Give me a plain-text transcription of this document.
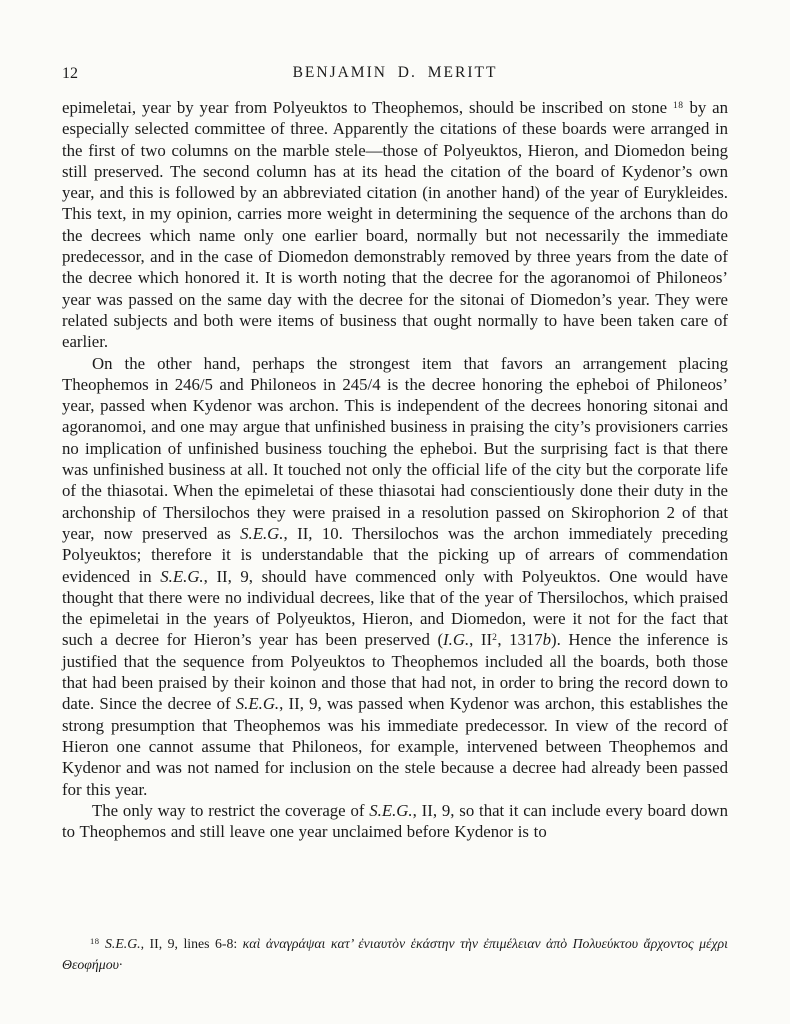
12	BENJAMIN D. MERITT

epimeletai, year by year from Polyeuktos to Theophemos, should be inscribed on stone $^{18}$ by an especially selected committee of three. Apparently the citations of these boards were arranged in the first of two columns on the marble stele—those of Polyeuktos, Hieron, and Diomedon being still preserved. The second column has at its head the citation of the board of Kydenor’s own year, and this is followed by an abbreviated citation (in another hand) of the year of Eurykleides. This text, in my opinion, carries more weight in determining the sequence of the archons than do the decrees which name only one earlier board, normally but not necessarily the immediate predecessor, and in the case of Diomedon demonstrably removed by three years from the date of the decree which honored it. It is worth noting that the decree for the agoranomoi of Philoneos’ year was passed on the same day with the decree for the sitonai of Diomedon’s year. They were related subjects and both were items of business that ought normally to have been taken care of earlier.

On the other hand, perhaps the strongest item that favors an arrangement placing Theophemos in 246/5 and Philoneos in 245/4 is the decree honoring the epheboi of Philoneos’ year, passed when Kydenor was archon. This is independent of the decrees honoring sitonai and agoranomoi, and one may argue that unfinished business in praising the city’s provisioners carries no implication of unfinished business touching the epheboi. But the surprising fact is that there was unfinished business at all. It touched not only the official life of the city but the corporate life of the thiasotai. When the epimeletai of these thiasotai had conscientiously done their duty in the archonship of Thersilochos they were praised in a resolution passed on Skirophorion 2 of that year, now preserved as S.E.G., II, 10. Thersilochos was the archon immediately preceding Polyeuktos; therefore it is understandable that the picking up of arrears of commendation evidenced in S.E.G., II, 9, should have commenced only with Polyeuktos. One would have thought that there were no individual decrees, like that of the year of Thersilochos, which praised the epimeletai in the years of Polyeuktos, Hieron, and Diomedon, were it not for the fact that such a decree for Hieron’s year has been preserved (I.G., $II^2$, 1317b). Hence the inference is justified that the sequence from Polyeuktos to Theophemos included all the boards, both those that had been praised by their koinon and those that had not, in order to bring the record down to date. Since the decree of S.E.G., II, 9, was passed when Kydenor was archon, this establishes the strong presumption that Theophemos was his immediate predecessor. In view of the record of Hieron one cannot assume that Philoneos, for example, intervened between Theophemos and Kydenor and was not named for inclusion on the stele because a decree had already been passed for this year.

The only way to restrict the coverage of S.E.G., II, 9, so that it can include every board down to Theophemos and still leave one year unclaimed before Kydenor is to

$^{18}$ S.E.G., II, 9, lines 6-8: καὶ ἀναγράψαι κατ’ ἐνιαυτὸν ἑκάστην τὴν ἐπιμέλειαν ἀπὸ Πολυεύκτου ἄρχοντος μέχρι Θεοφήμου·
